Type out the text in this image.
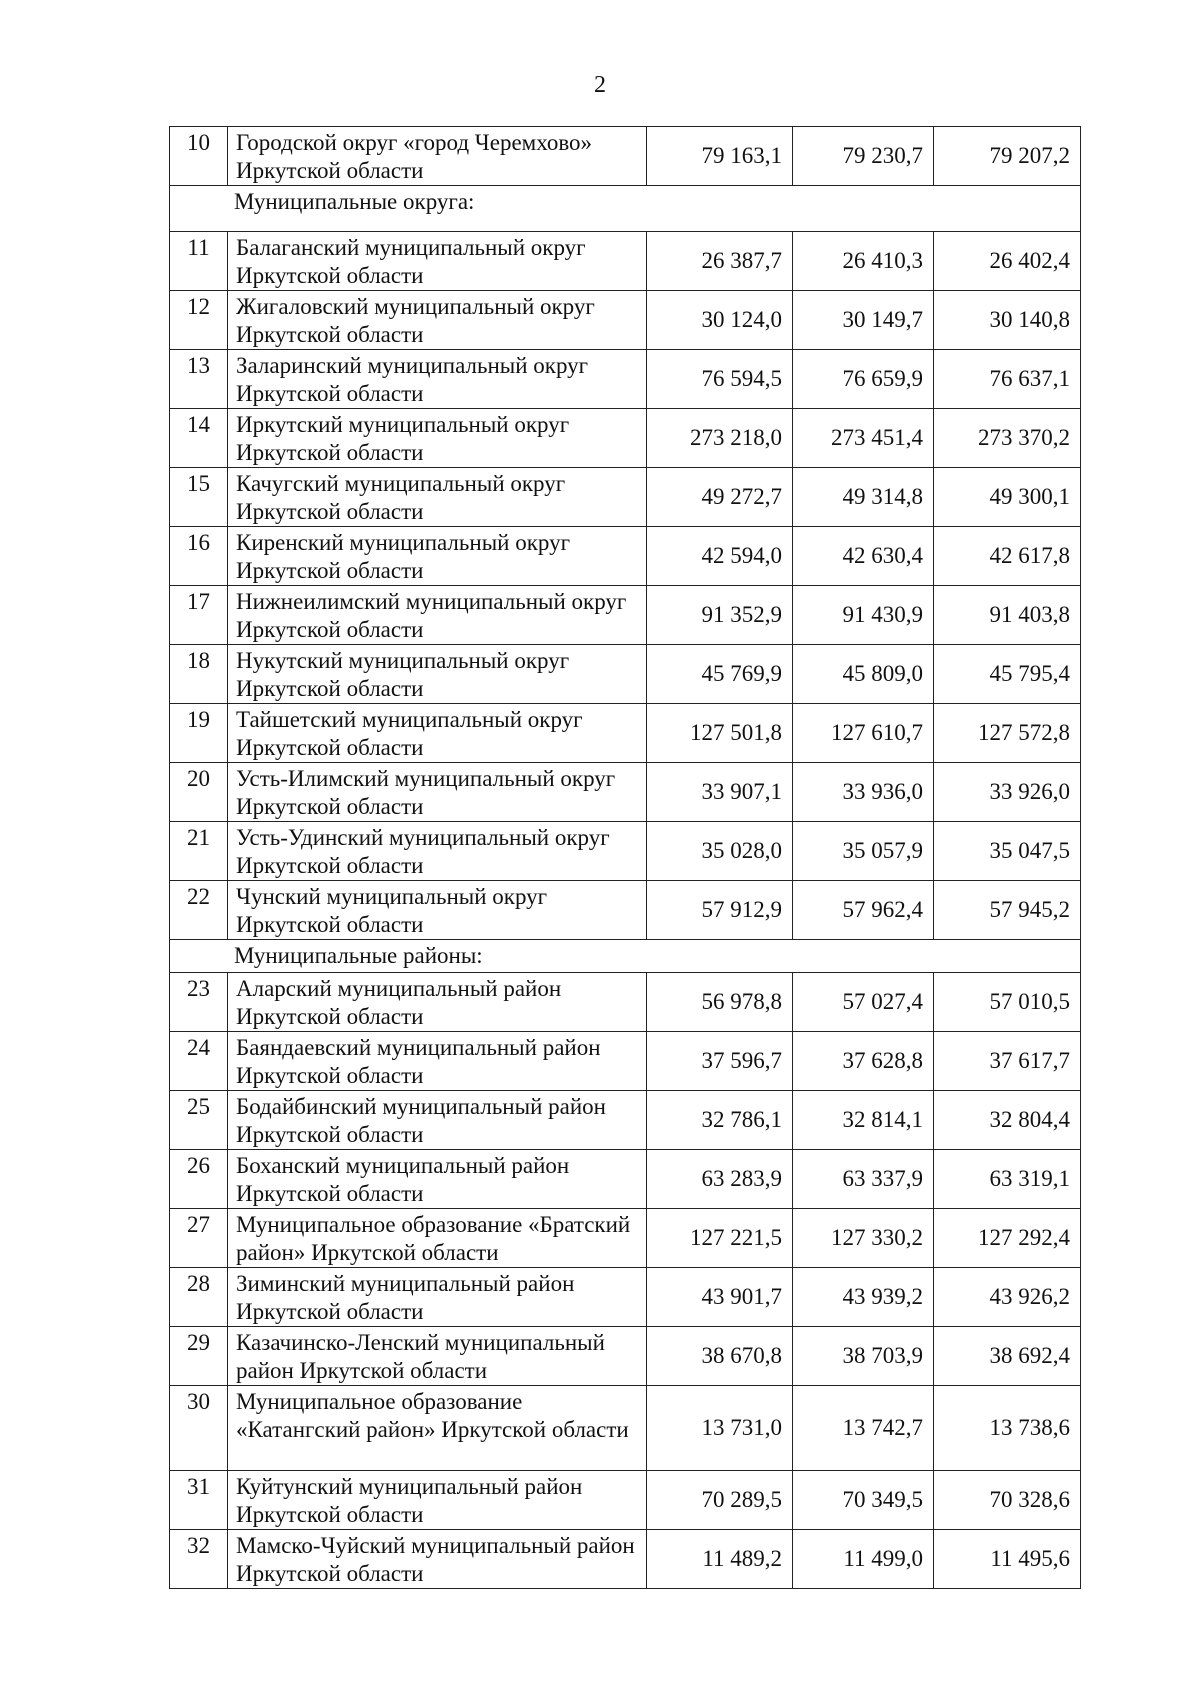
2
10	Городской округ «город Черемхово» Иркутской области	79 163,1	79 230,7	79 207,2
Муниципальные округа:				
11	Балаганский муниципальный округ Иркутской области	26 387,7	26 410,3	26 402,4
12	Жигаловский муниципальный округ Иркутской области	30 124,0	30 149,7	30 140,8
13	Заларинский муниципальный округ Иркутской области	76 594,5	76 659,9	76 637,1
14	Иркутский муниципальный округ Иркутской области	273 218,0	273 451,4	273 370,2
15	Качугский муниципальный округ Иркутской области	49 272,7	49 314,8	49 300,1
16	Киренский муниципальный округ Иркутской области	42 594,0	42 630,4	42 617,8
17	Нижнеилимский муниципальный округ Иркутской области	91 352,9	91 430,9	91 403,8
18	Нукутский муниципальный округ Иркутской области	45 769,9	45 809,0	45 795,4
19	Тайшетский муниципальный округ Иркутской области	127 501,8	127 610,7	127 572,8
20	Усть-Илимский муниципальный округ Иркутской области	33 907,1	33 936,0	33 926,0
21	Усть-Удинский муниципальный округ Иркутской области	35 028,0	35 057,9	35 047,5
22	Чунский муниципальный округ Иркутской области	57 912,9	57 962,4	57 945,2
Муниципальные районы:				
23	Аларский муниципальный район Иркутской области	56 978,8	57 027,4	57 010,5
24	Баяндаевский муниципальный район Иркутской области	37 596,7	37 628,8	37 617,7
25	Бодайбинский муниципальный район Иркутской области	32 786,1	32 814,1	32 804,4
26	Боханский муниципальный район Иркутской области	63 283,9	63 337,9	63 319,1
27	Муниципальное образование «Братский район» Иркутской области	127 221,5	127 330,2	127 292,4
28	Зиминский муниципальный район Иркутской области	43 901,7	43 939,2	43 926,2
29	Казачинско-Ленский муниципальный район Иркутской области	38 670,8	38 703,9	38 692,4
30	Муниципальное образование «Катангский район» Иркутской области	13 731,0	13 742,7	13 738,6
31	Куйтунский муниципальный район Иркутской области	70 289,5	70 349,5	70 328,6
32	Мамско-Чуйский муниципальный район Иркутской области	11 489,2	11 499,0	11 495,6
